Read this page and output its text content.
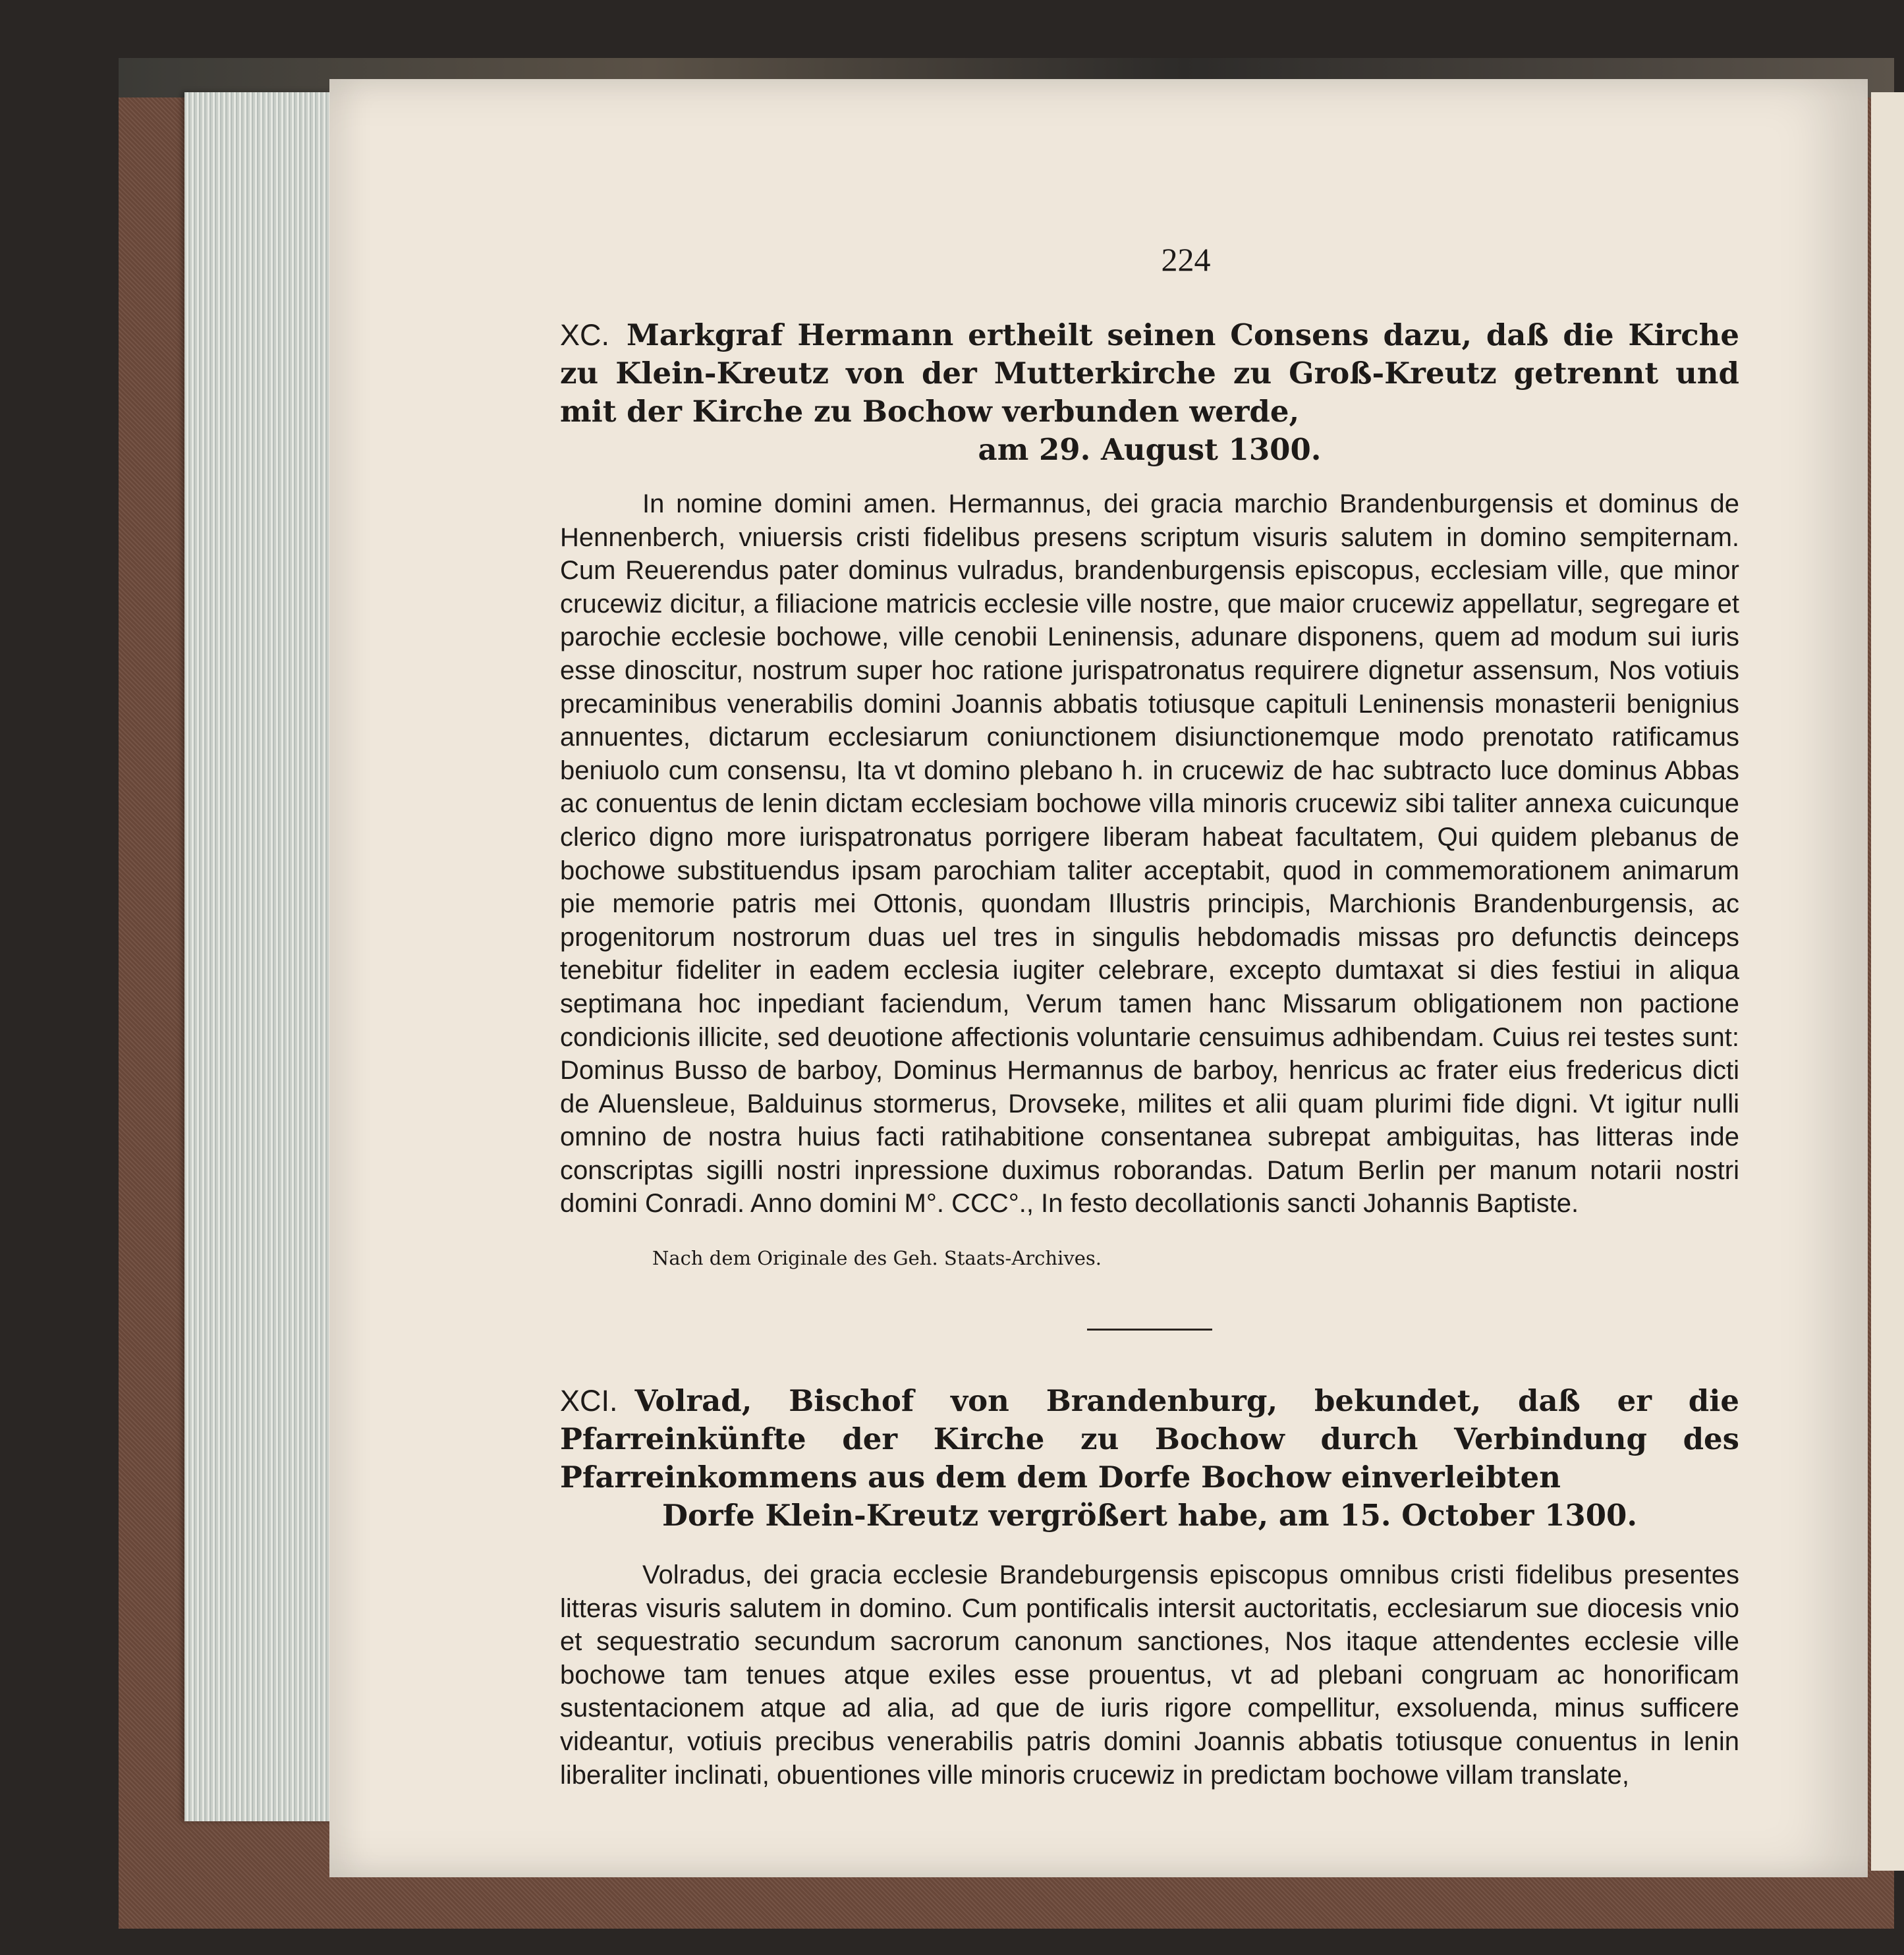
224
XC. Markgraf Hermann ertheilt seinen Consens dazu, daß die Kirche zu Klein-Kreutz von der Mutterkirche zu Groß-Kreutz getrennt und mit der Kirche zu Bochow verbunden werde,
am 29. August 1300.

In nomine domini amen. Hermannus, dei gracia marchio Brandenburgensis et dominus de Hennenberch, vniuersis cristi fidelibus presens scriptum visuris salutem in domino sempiternam. Cum Reuerendus pater dominus vulradus, brandenburgensis episcopus, ecclesiam ville, que minor crucewiz dicitur, a filiacione matricis ecclesie ville nostre, que maior crucewiz appellatur, segregare et parochie ecclesie bochowe, ville cenobii Leninensis, adunare disponens, quem ad modum sui iuris esse dinoscitur, nostrum super hoc ratione jurispatronatus requirere dignetur assensum, Nos votiuis precaminibus venerabilis domini Joannis abbatis totiusque capituli Leninensis monasterii benignius annuentes, dictarum ecclesiarum coniunctionem disiunctionemque modo prenotato ratificamus beniuolo cum consensu, Ita vt domino plebano h. in crucewiz de hac subtracto luce dominus Abbas ac conuentus de lenin dictam ecclesiam bochowe villa minoris crucewiz sibi taliter annexa cuicunque clerico digno more iurispatronatus porrigere liberam habeat facultatem, Qui quidem plebanus de bochowe substituendus ipsam parochiam taliter acceptabit, quod in commemorationem animarum pie memorie patris mei Ottonis, quondam Illustris principis, Marchionis Brandenburgensis, ac progenitorum nostrorum duas uel tres in singulis hebdomadis missas pro defunctis deinceps tenebitur fideliter in eadem ecclesia iugiter celebrare, excepto dumtaxat si dies festiui in aliqua septimana hoc inpediant faciendum, Verum tamen hanc Missarum obligationem non pactione condicionis illicite, sed deuotione affectionis voluntarie censuimus adhibendam. Cuius rei testes sunt: Dominus Busso de barboy, Dominus Hermannus de barboy, henricus ac frater eius fredericus dicti de Aluensleue, Balduinus stormerus, Drovseke, milites et alii quam plurimi fide digni. Vt igitur nulli omnino de nostra huius facti ratihabitione consentanea subrepat ambiguitas, has litteras inde conscriptas sigilli nostri inpressione duximus roborandas. Datum Berlin per manum notarii nostri domini Conradi. Anno domini M°. CCC°., In festo decollationis sancti Johannis Baptiste.

Nach dem Originale des Geh. Staats-Archives.
XCI. Volrad, Bischof von Brandenburg, bekundet, daß er die Pfarreinkünfte der Kirche zu Bochow durch Verbindung des Pfarreinkommens aus dem dem Dorfe Bochow einverleibten
Dorfe Klein-Kreutz vergrößert habe, am 15. October 1300.

Volradus, dei gracia ecclesie Brandeburgensis episcopus omnibus cristi fidelibus presentes litteras visuris salutem in domino. Cum pontificalis intersit auctoritatis, ecclesiarum sue diocesis vnio et sequestratio secundum sacrorum canonum sanctiones, Nos itaque attendentes ecclesie ville bochowe tam tenues atque exiles esse prouentus, vt ad plebani congruam ac honorificam sustentacionem atque ad alia, ad que de iuris rigore compellitur, exsoluenda, minus sufficere videantur, votiuis precibus venerabilis patris domini Joannis abbatis totiusque conuentus in lenin liberaliter inclinati, obuentiones ville minoris crucewiz in predictam bochowe villam translate,
